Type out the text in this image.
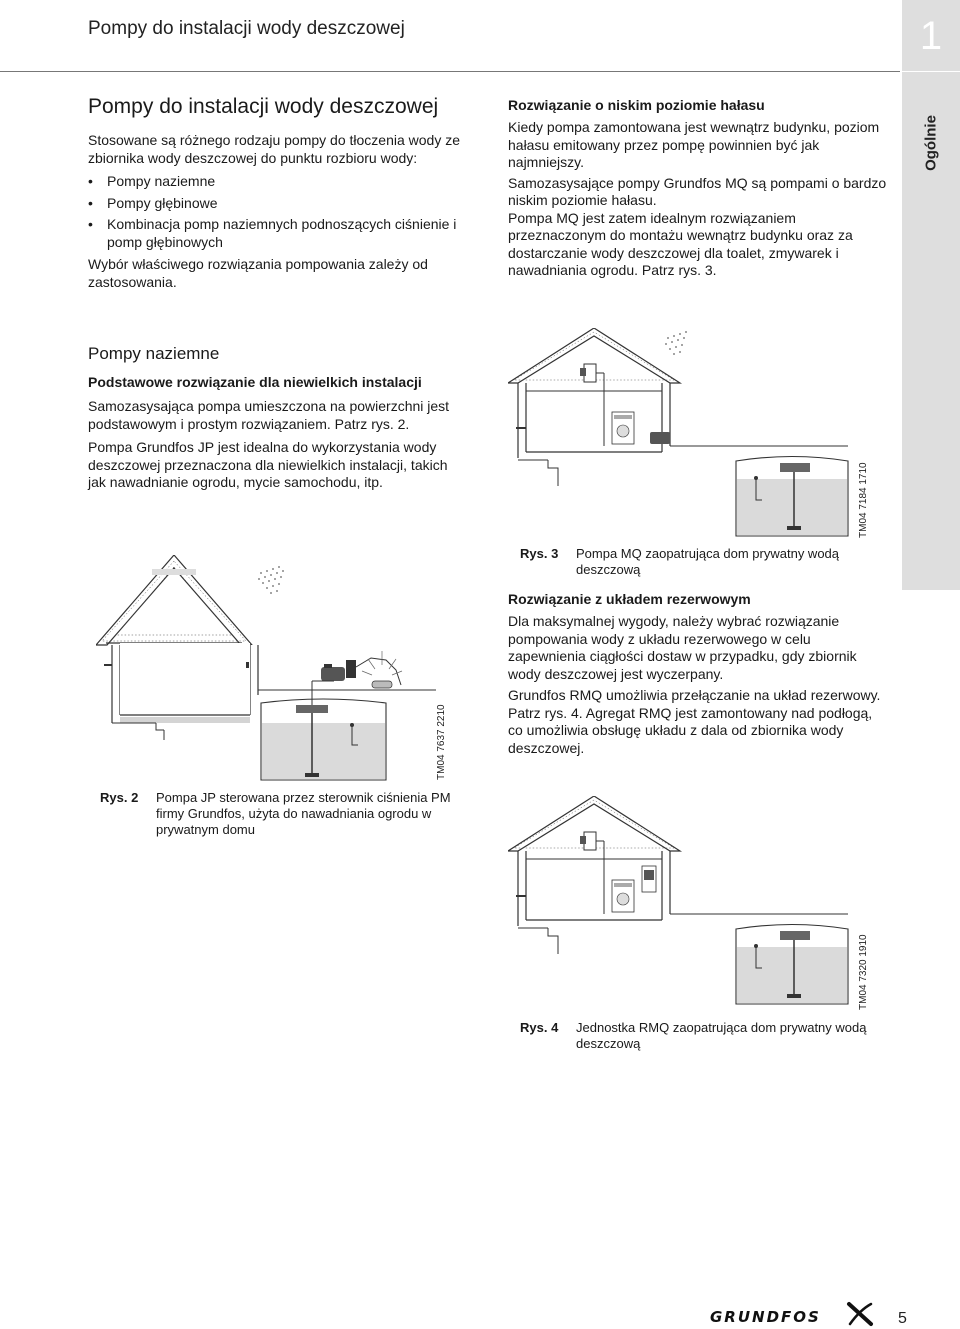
Pompy do instalacji wody deszczowej	1
Ogólnie
Pompy do instalacji wody deszczowej

Stosowane są różnego rodzaju pompy do tłoczenia wody ze zbiornika wody deszczowej do punktu rozbioru wody:

• Pompy naziemne
• Pompy głębinowe
• Kombinacja pomp naziemnych podnoszących ciśnienie i pomp głębinowych

Wybór właściwego rozwiązania pompowania zależy od zastosowania.

Pompy naziemne
Podstawowe rozwiązanie dla niewielkich instalacji

Samozasysająca pompa umieszczona na powierzchni jest podstawowym i prostym rozwiązaniem. Patrz rys. 2.

Pompa Grundfos JP jest idealna do wykorzystania wody deszczowej przeznaczona dla niewielkich instalacji, takich jak nawadnianie ogrodu, mycie samochodu, itp.

TM04 7637 2210
Rys. 2 Pompa JP sterowana przez sterownik ciśnienia PM firmy Grundfos, użyta do nawadniania ogrodu w prywatnym domu
Rozwiązanie o niskim poziomie hałasu

Kiedy pompa zamontowana jest wewnątrz budynku, poziom hałasu emitowany przez pompę powinnien być jak najmniejszy.

Samozasysające pompy Grundfos MQ są pompami o bardzo niskim poziomie hałasu.

Pompa MQ jest zatem idealnym rozwiązaniem przeznaczonym do montażu wewnątrz budynku oraz za dostarczanie wody deszczowej dla toalet, zmywarek i nawadniania ogrodu. Patrz rys. 3.

TM04 7184 1710
Rys. 3 Pompa MQ zaopatrująca dom prywatny wodą deszczową
Rozwiązanie z układem rezerwowym

Dla maksymalnej wygody, należy wybrać rozwiązanie pompowania wody z układu rezerwowego w celu zapewnienia ciągłości dostaw w przypadku, gdy zbiornik wody deszczowej jest wyczerpany.

Grundfos RMQ umożliwia przełączanie na układ rezerwowy. Patrz rys. 4. Agregat RMQ jest zamontowany nad podłogą, co umożliwia obsługę układu z dala od zbiornika wody deszczowej.

TM04 7320 1910
Rys. 4 Jednostka RMQ zaopatrująca dom prywatny wodą deszczową
GRUNDFOS	5
